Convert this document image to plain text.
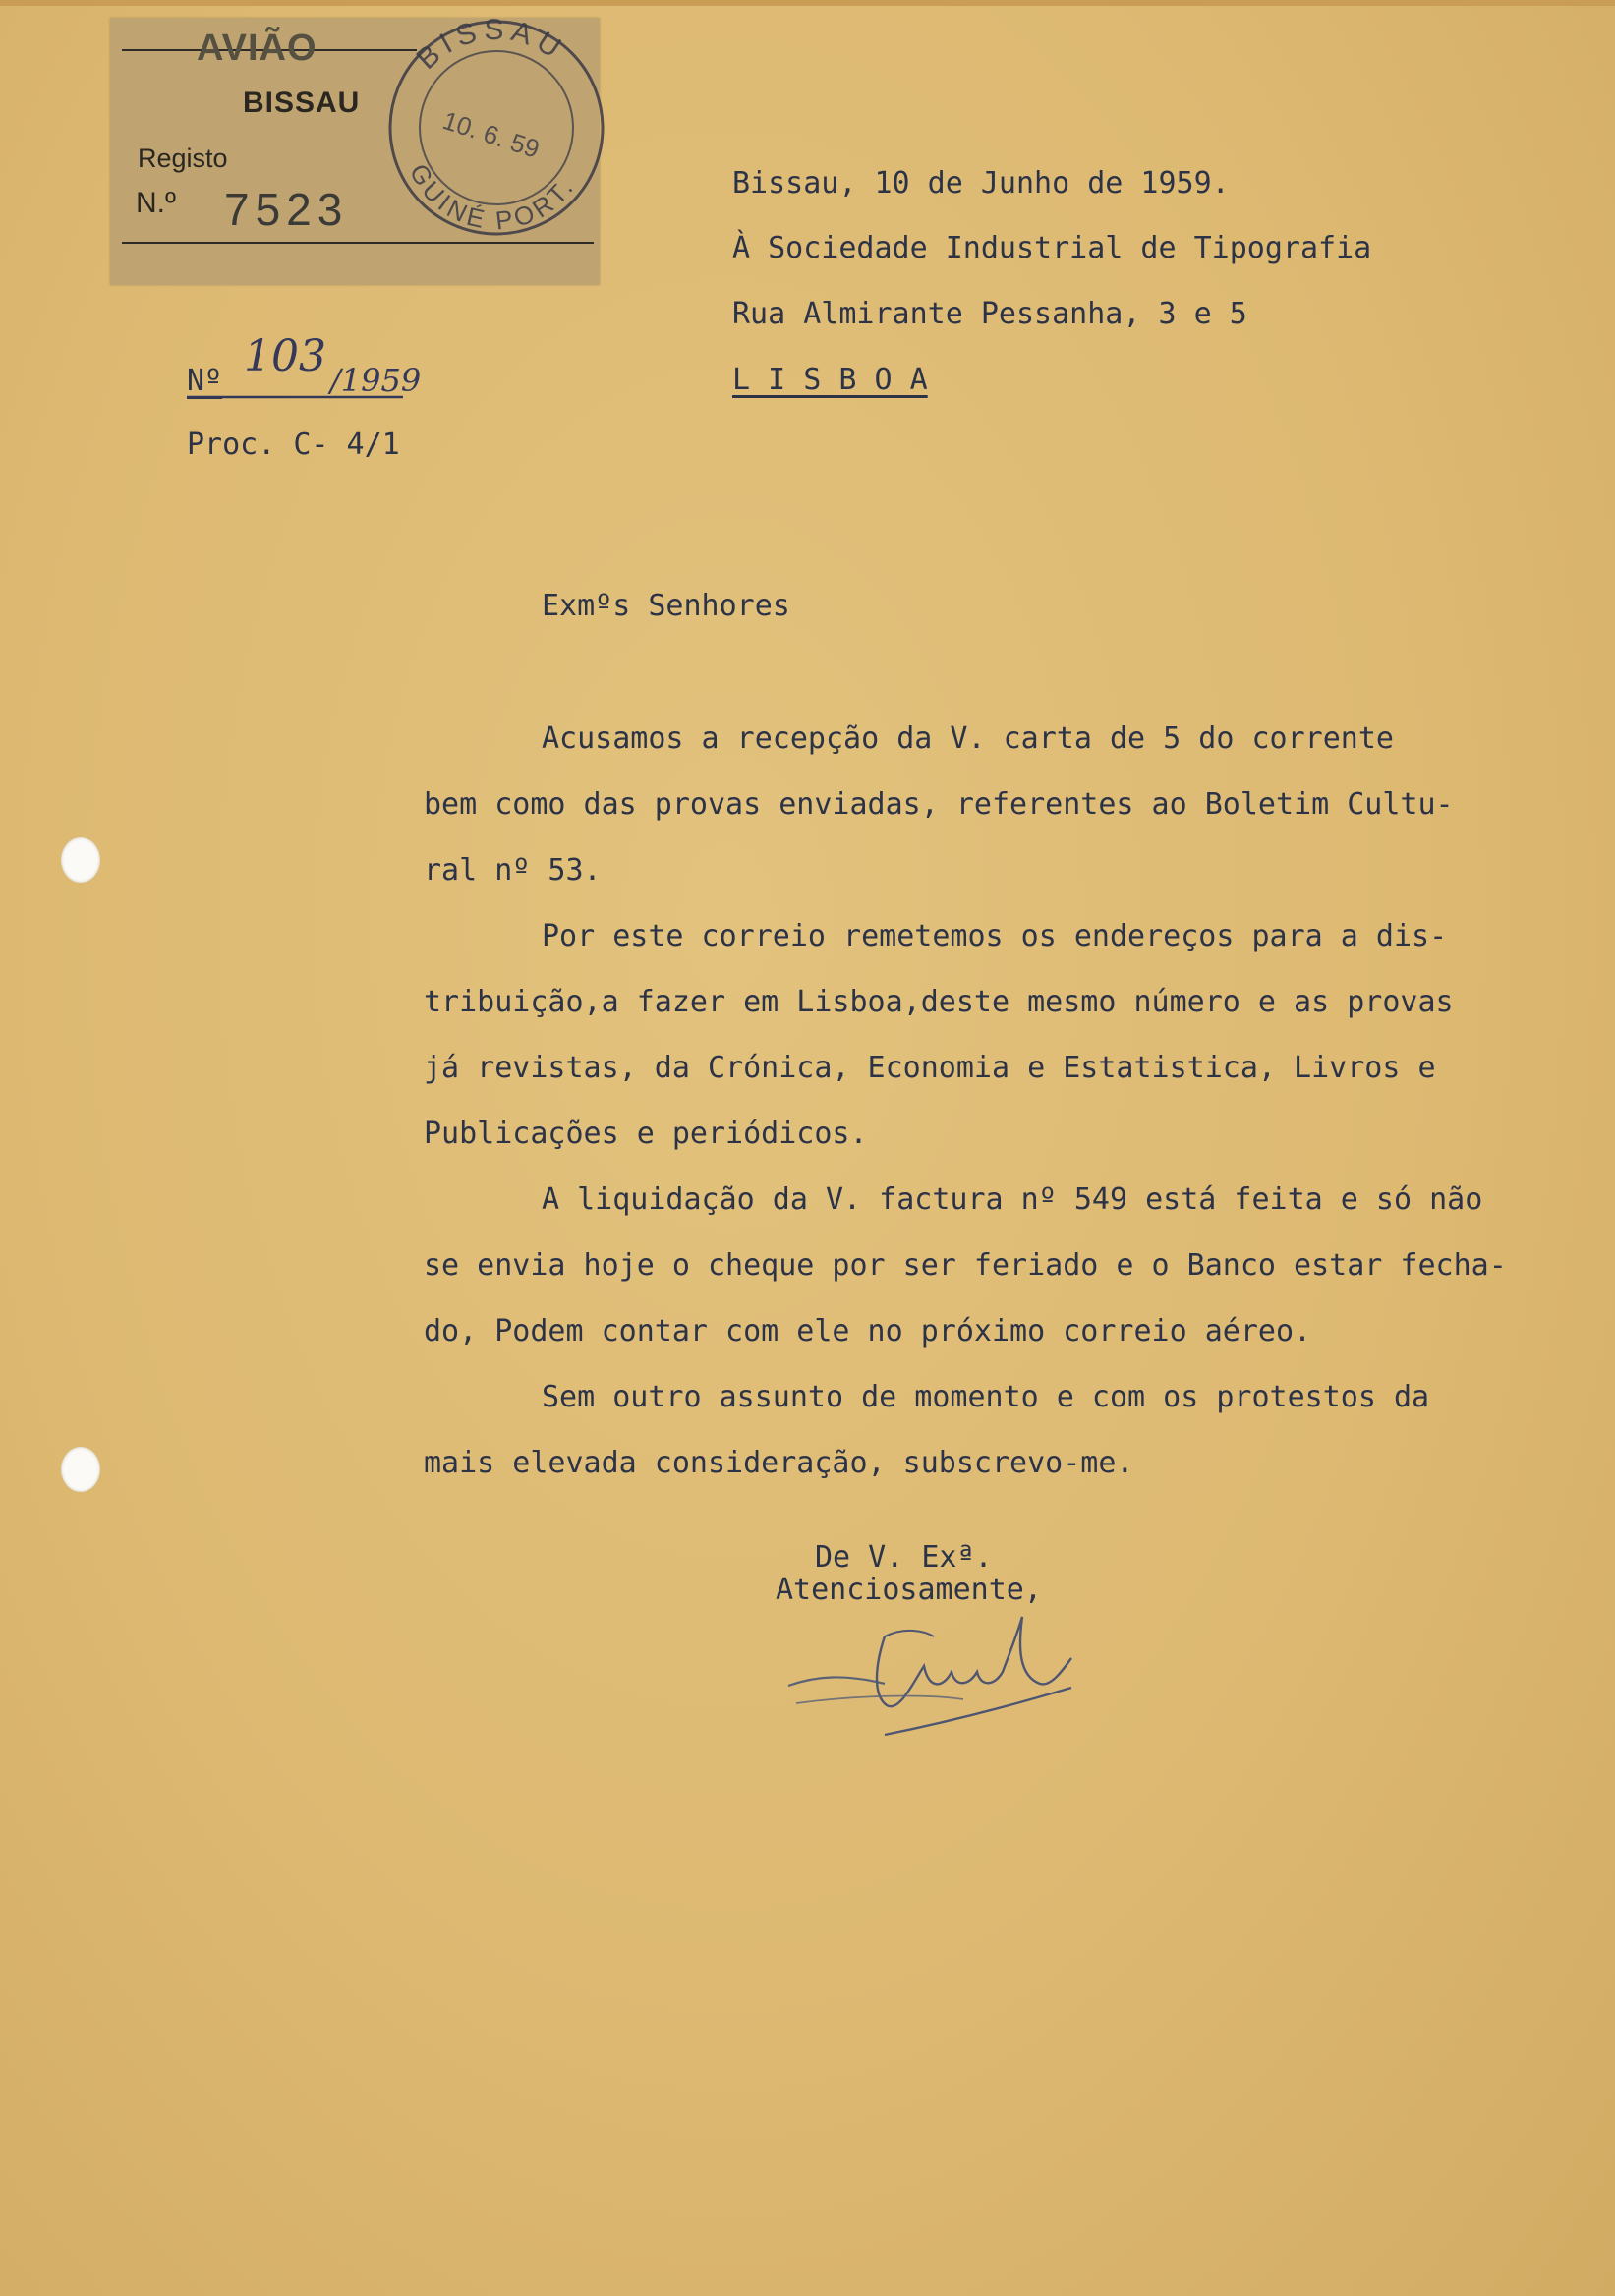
AVIÃO
BISSAU
Registo
N.º 7523
BISSAU
GUINÉ PORT.
10. 6. 59
Nº 103 /1959
Proc. C- 4/1
Bissau, 10 de Junho de 1959.
À Sociedade Industrial de Tipografia
Rua Almirante Pessanha, 3 e 5
L I S B O A
Exmºs Senhores
Acusamos a recepção da V. carta de 5 do corrente
bem como das provas enviadas, referentes ao Boletim Cultu-
ral nº 53.
Por este correio remetemos os endereços para a dis-
tribuição,a fazer em Lisboa,deste mesmo número e as provas
já revistas, da Crónica, Economia e Estatistica, Livros e
Publicações e periódicos.
A liquidação da V. factura nº 549 está feita e só não
se envia hoje o cheque por ser feriado e o Banco estar fecha-
do, Podem contar com ele no próximo correio aéreo.
Sem outro assunto de momento e com os protestos da
mais elevada consideração, subscrevo-me.
De V. Exª.
Atenciosamente,
